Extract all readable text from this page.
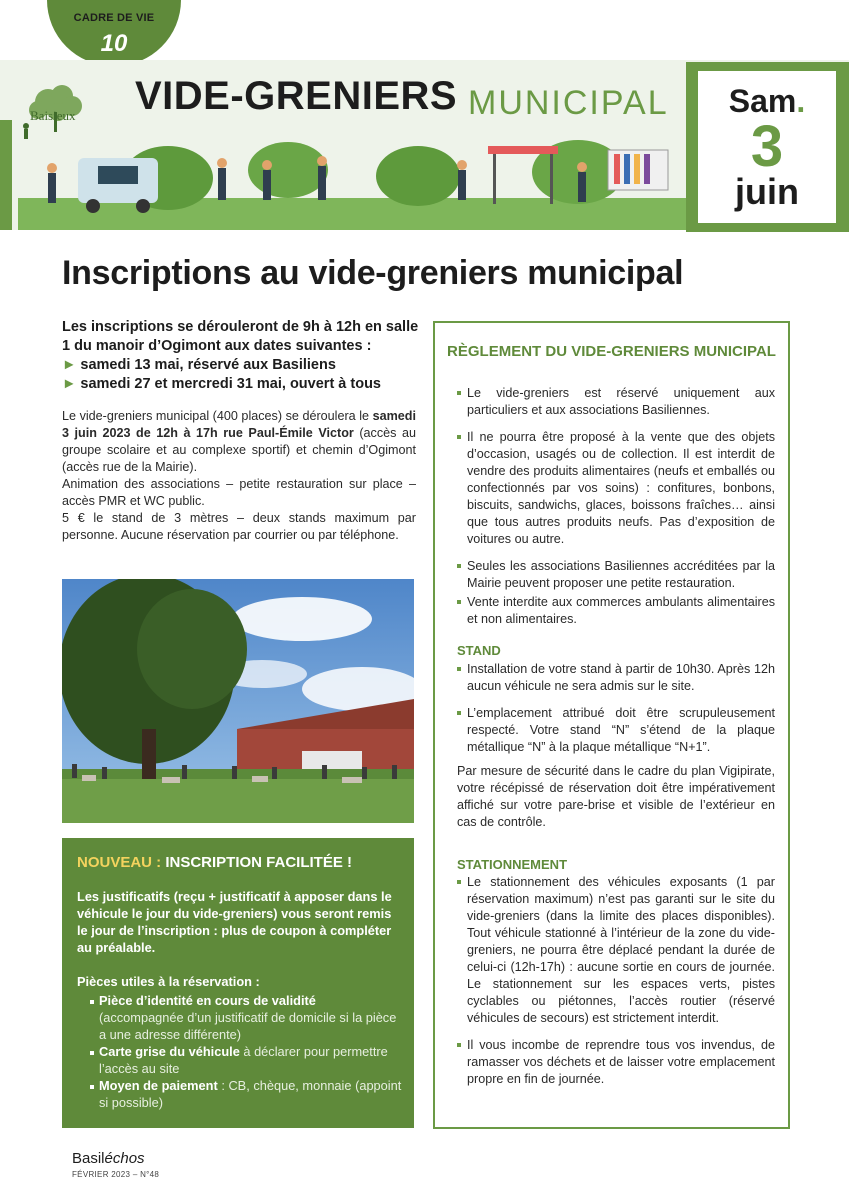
CADRE DE VIE
10
Baisieux VIDE-GRENIERS MUNICIPAL	Sam.
3
juin
Inscriptions au vide-greniers municipal
Les inscriptions se dérouleront de 9h à 12h en salle 1 du manoir d’Ogimont aux dates suivantes :
► samedi 13 mai, réservé aux Basiliens
► samedi 27 et mercredi 31 mai, ouvert à tous
Le vide-greniers municipal (400 places) se déroulera le samedi 3 juin 2023 de 12h à 17h rue Paul-Émile Victor (accès au groupe scolaire et au complexe sportif) et chemin d’Ogimont (accès rue de la Mairie).
Animation des associations – petite restauration sur place – accès PMR et WC public.
5 € le stand de 3 mètres – deux stands maximum par personne. Aucune réservation par courrier ou par téléphone.
NOUVEAU : INSCRIPTION FACILITÉE !
Les justificatifs (reçu + justificatif à apposer dans le véhicule le jour du vide-greniers) vous seront remis le jour de l’inscription : plus de coupon à compléter au préalable.
Pièces utiles à la réservation :
Pièce d’identité en cours de validité (accompagnée d’un justificatif de domicile si la pièce a une adresse différente)
Carte grise du véhicule à déclarer pour permettre l’accès au site
Moyen de paiement : CB, chèque, monnaie (appoint si possible)
RÈGLEMENT DU VIDE-GRENIERS MUNICIPAL
Le vide-greniers est réservé uniquement aux particuliers et aux associations Basiliennes.
Il ne pourra être proposé à la vente que des objets d’occasion, usagés ou de collection. Il est interdit de vendre des produits alimentaires (neufs et emballés ou confectionnés par vos soins) : confitures, bonbons, biscuits, sandwichs, glaces, boissons fraîches… ainsi que tous autres produits neufs. Pas d’exposition de voitures ou autre.
Seules les associations Basiliennes accréditées par la Mairie peuvent proposer une petite restauration.
Vente interdite aux commerces ambulants alimentaires et non alimentaires.
STAND
Installation de votre stand à partir de 10h30. Après 12h aucun véhicule ne sera admis sur le site.
L’emplacement attribué doit être scrupuleusement respecté. Votre stand “N” s’étend de la plaque métallique “N” à la plaque métallique “N+1”.
Par mesure de sécurité dans le cadre du plan Vigipirate, votre récépissé de réservation doit être impérativement affiché sur votre pare-brise et visible de l’extérieur en cas de contrôle.
STATIONNEMENT
Le stationnement des véhicules exposants (1 par réservation maximum) n’est pas garanti sur le site du vide-greniers (dans la limite des places disponibles). Tout véhicule stationné à l’intérieur de la zone du vide-greniers, ne pourra être déplacé pendant la durée de celui-ci (12h-17h) : aucune sortie en cours de journée. Le stationnement sur les espaces verts, pistes cyclables ou piétonnes, l’accès routier (réservé véhicules de secours) est strictement interdit.
Il vous incombe de reprendre tous vos invendus, de ramasser vos déchets et de laisser votre emplacement propre en fin de journée.
Basiléchos
FÉVRIER 2023 – N°48
